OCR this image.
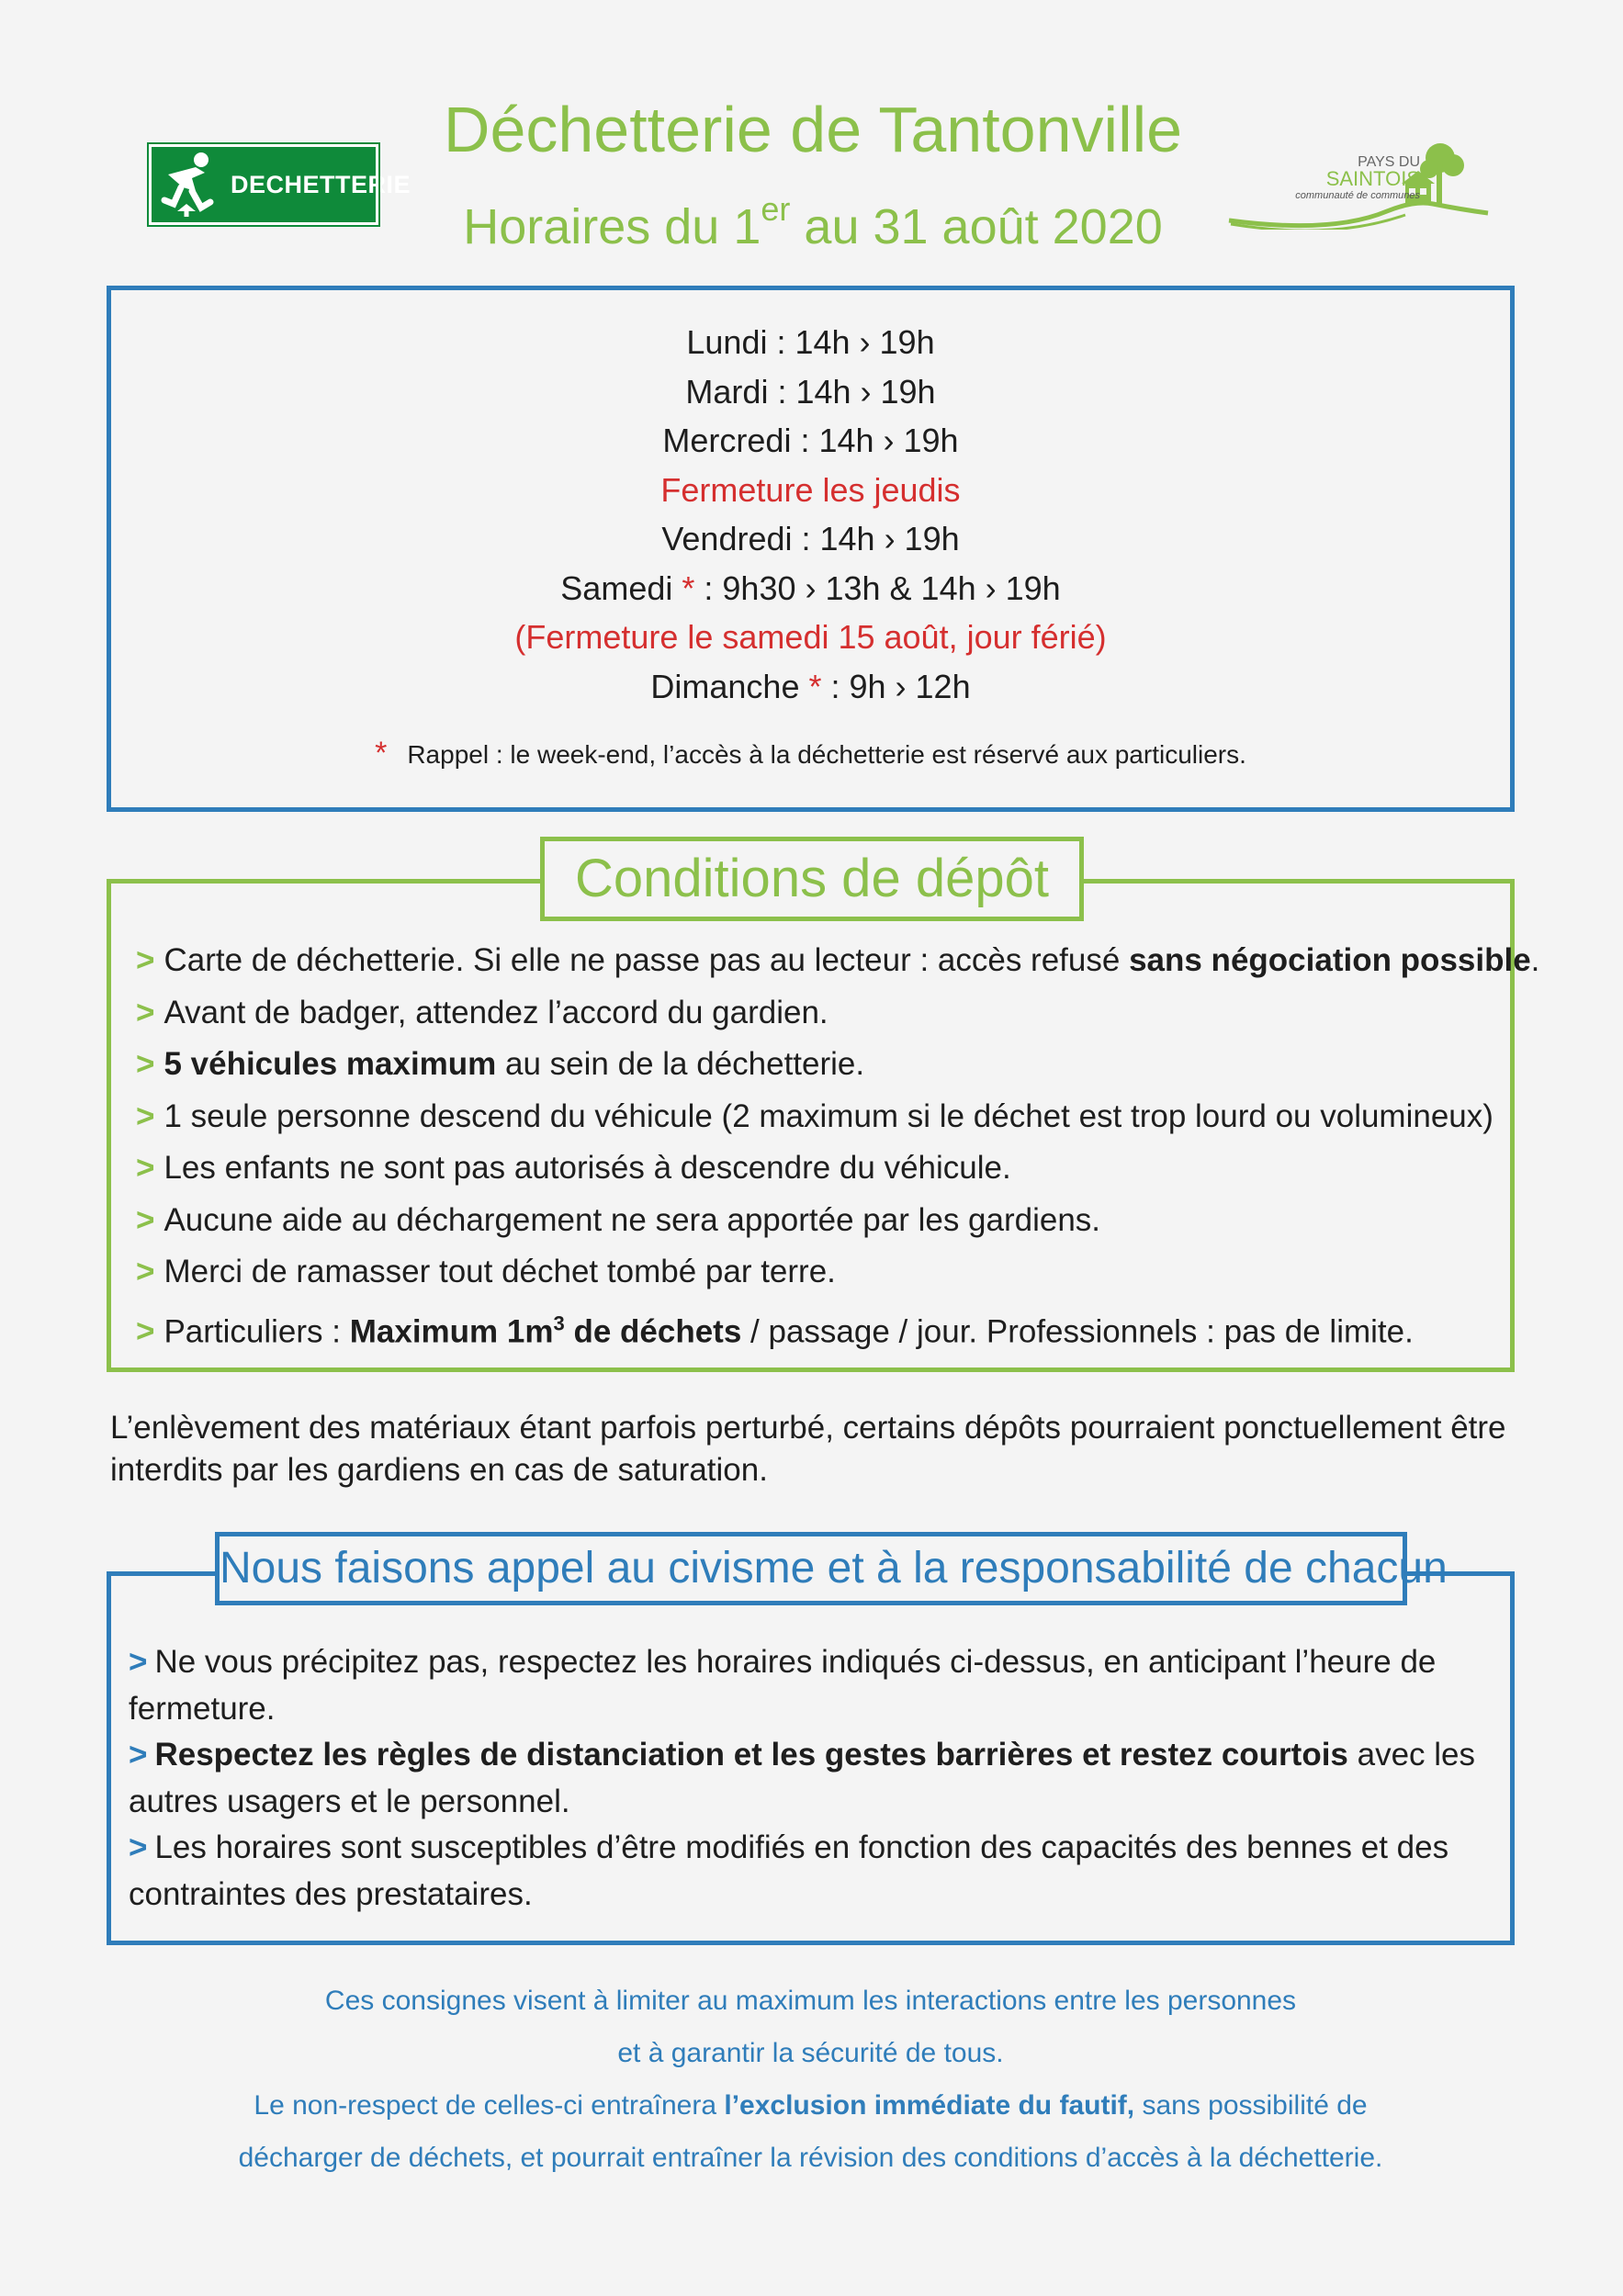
DECHETTERIE
Déchetterie de Tantonville
Horaires du 1er au 31 août 2020
PAYS DU
SAINTOIS
communauté de communes
Lundi : 14h › 19h
Mardi : 14h › 19h
Mercredi : 14h › 19h
Fermeture les jeudis
Vendredi : 14h › 19h
Samedi * : 9h30 › 13h & 14h › 19h
(Fermeture le samedi 15 août, jour férié)
Dimanche * : 9h › 12h
* Rappel : le week-end, l’accès à la déchetterie est réservé aux particuliers.
Conditions de dépôt
> Carte de déchetterie. Si elle ne passe pas au lecteur : accès refusé sans négociation possible.
> Avant de badger, attendez l’accord du gardien.
> 5 véhicules maximum au sein de la déchetterie.
> 1 seule personne descend du véhicule (2 maximum si le déchet est trop lourd ou volumineux)
> Les enfants ne sont pas autorisés à descendre du véhicule.
> Aucune aide au déchargement ne sera apportée par les gardiens.
> Merci de ramasser tout déchet tombé par terre.
> Particuliers : Maximum $1m^3$ de déchets / passage / jour. Professionnels : pas de limite.
L’enlèvement des matériaux étant parfois perturbé, certains dépôts pourraient ponctuellement être interdits par les gardiens en cas de saturation.
Nous faisons appel au civisme et à la responsabilité de chacun

> Ne vous précipitez pas, respectez les horaires indiqués ci-dessus, en anticipant l’heure de fermeture.

> Respectez les règles de distanciation et les gestes barrières et restez courtois avec les autres usagers et le personnel.

> Les horaires sont susceptibles d’être modifiés en fonction des capacités des bennes et des contraintes des prestataires.

Ces consignes visent à limiter au maximum les interactions entre les personnes
et à garantir la sécurité de tous.
Le non-respect de celles-ci entraînera l’exclusion immédiate du fautif, sans possibilité de
décharger de déchets, et pourrait entraîner la révision des conditions d’accès à la déchetterie.
